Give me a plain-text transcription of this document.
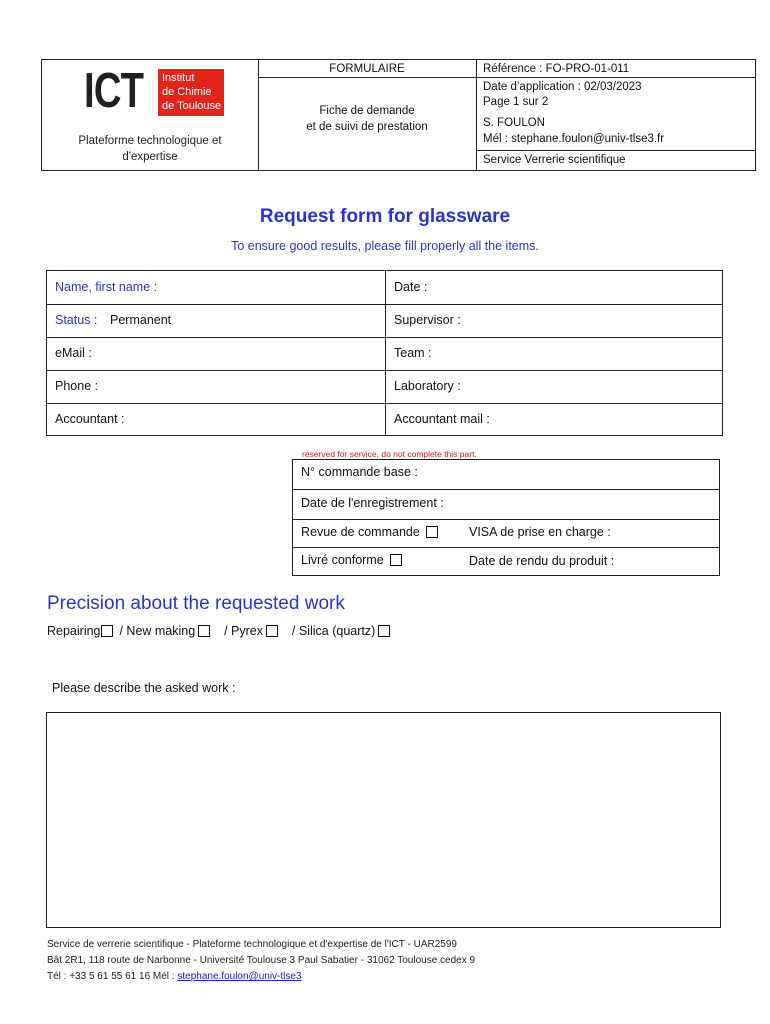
ICT Institut
de Chimie
de Toulouse
Plateforme technologique et
d'expertise
FORMULAIRE
Fiche de demande
et de suivi de prestation
Référence : FO-PRO-01-011
Date d’application : 02/03/2023
Page 1 sur 2
S. FOULON
Mél : stephane.foulon@univ-tlse3.fr
Service Verrerie scientifique
Request form for glassware
To ensure good results, please fill properly all the items.
Name, first name :	Date :
Status : Permanent	Supervisor :
eMail :	Team :
Phone :	Laboratory :
Accountant :	Accountant mail :
reserved for service, do not complete this part.
N° commande base :
Date de l'enregistrement :
Revue de commande	VISA de prise en charge :
Livré conforme	Date de rendu du produit :
Precision about the requested work
Repairing / New making / Pyrex / Silica (quartz)
Please describe the asked work :
Service de verrerie scientifique - Plateforme technologique et d'expertise de l'ICT - UAR2599
Bât 2R1, 118 route de Narbonne - Université Toulouse 3 Paul Sabatier - 31062 Toulouse cedex 9
Tél : +33 5 61 55 61 16 Mél : stephane.foulon@univ-tlse3
